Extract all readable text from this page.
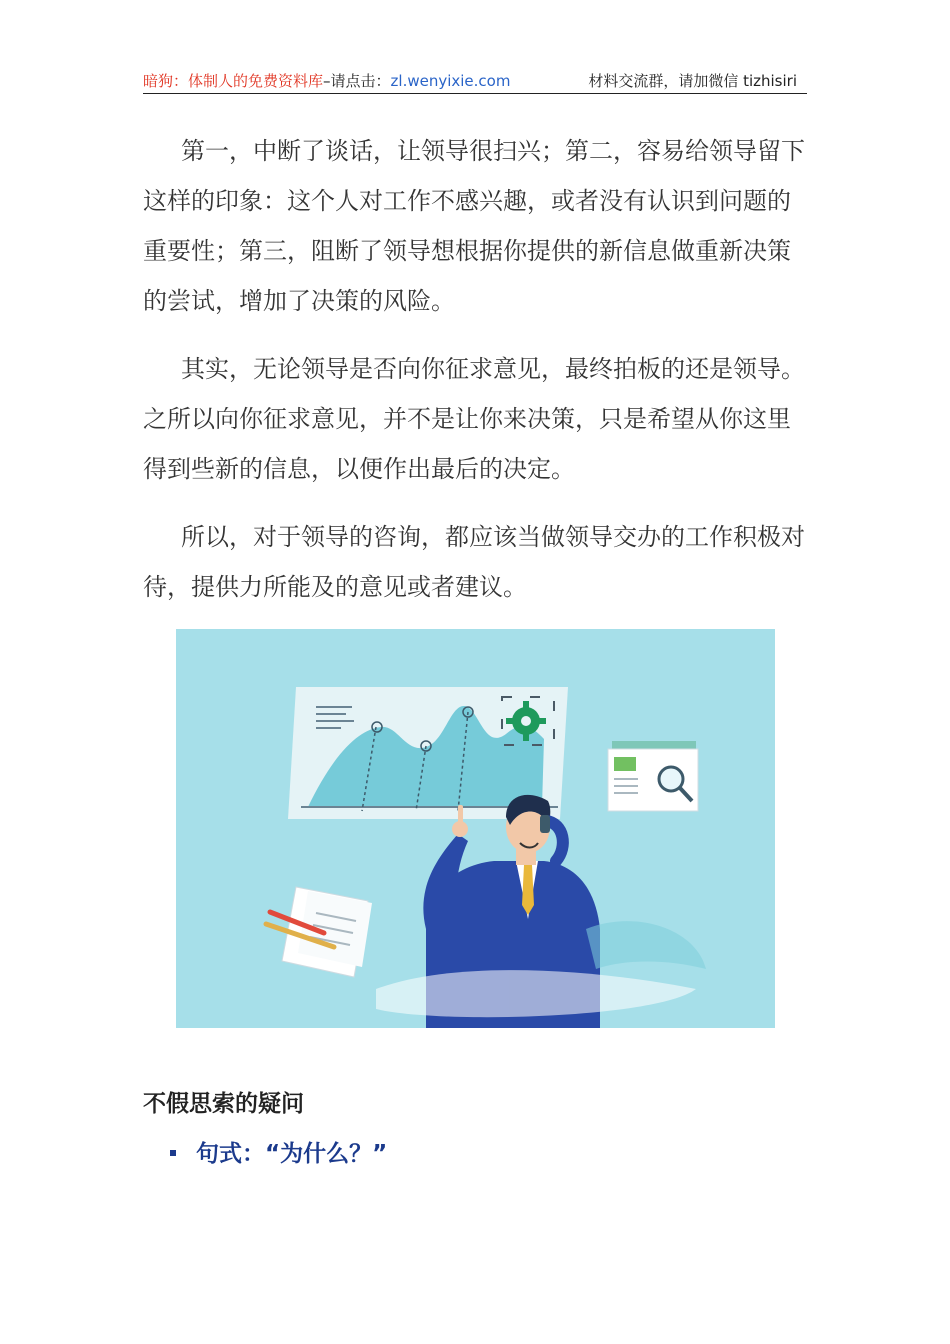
暗狗：体制人的免费资料库–请点击：zl.wenyixie.com	材料交流群，请加微信 tizhisiri

第一，中断了谈话，让领导很扫兴；第二，容易给领导留下这样的印象：这个人对工作不感兴趣，或者没有认识到问题的重要性；第三，阻断了领导想根据你提供的新信息做重新决策的尝试，增加了决策的风险。

其实，无论领导是否向你征求意见，最终拍板的还是领导。之所以向你征求意见，并不是让你来决策，只是希望从你这里得到些新的信息，以便作出最后的决定。

所以，对于领导的咨询，都应该当做领导交办的工作积极对待，提供力所能及的意见或者建议。

不假思索的疑问
句式：“为什么？”
